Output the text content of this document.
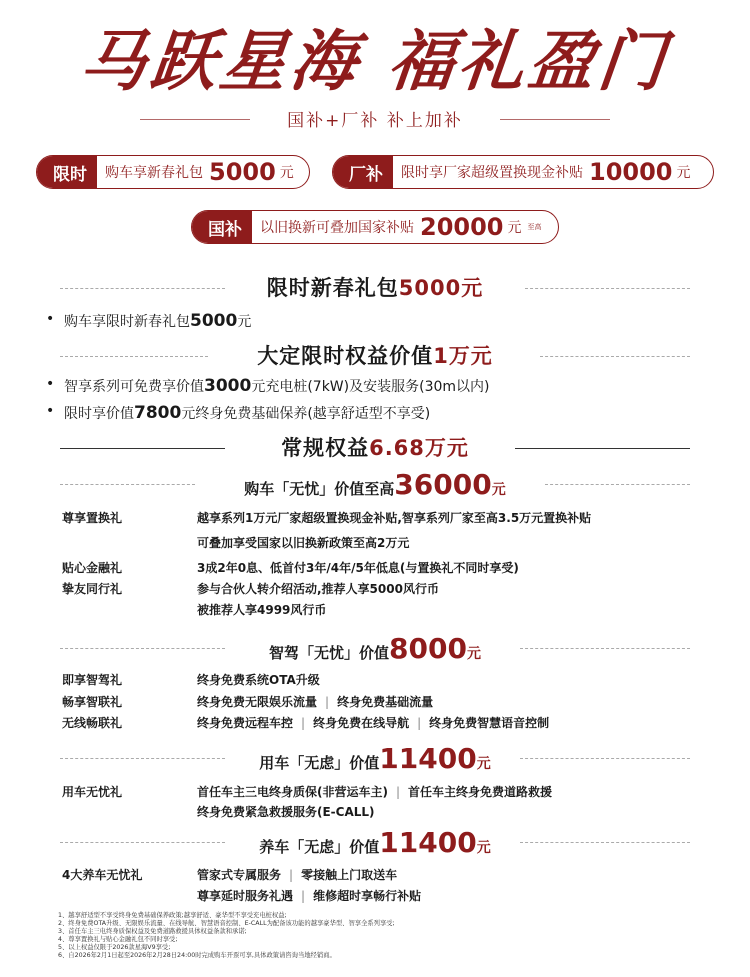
马跃星海 福礼盈门
国补+厂补 补上加补
限时	购车享新春礼包 5000 元	厂补	限时享厂家超级置换现金补贴 10000 元
国补	以旧换新可叠加国家补贴 20000 元 至高
限时新春礼包5000元
• 购车享限时新春礼包5000元
大定限时权益价值1万元
• 智享系列可免费享价值3000元充电桩(7kW)及安装服务(30m以内)
• 限时享价值7800元终身免费基础保养(越享舒适型不享受)
常规权益6.68万元
购车「无忧」价值至高36000元
尊享置换礼	越享系列1万元厂家超级置换现金补贴,智享系列厂家至高3.5万元置换补贴
可叠加享受国家以旧换新政策至高2万元
贴心金融礼	3成2年0息、低首付3年/4年/5年低息(与置换礼不同时享受)
挚友同行礼	参与合伙人转介绍活动,推荐人享5000风行币
被推荐人享4999风行币
智驾「无忧」价值8000元
即享智驾礼	终身免费系统OTA升级
畅享智联礼	终身免费无限娱乐流量 | 终身免费基础流量
无线畅联礼	终身免费远程车控 | 终身免费在线导航 | 终身免费智慧语音控制
用车「无虑」价值11400元
用车无忧礼	首任车主三电终身质保(非营运车主) | 首任车主终身免费道路救援
终身免费紧急救援服务(E-CALL)
养车「无虑」价值11400元
4大养车无忧礼	管家式专属服务 | 零接触上门取送车
尊享延时服务礼遇 | 维修超时享畅行补贴
1、越享舒适型不享受终身免费基础保养政策;越享舒适、豪华型不享受充电桩权益;
2、终身免费OTA升级、无限娱乐流量、在线导航、智慧语音控制、E-CALL为配备该功能的越享豪华型、智享全系列享受;
3、首任车主三电终身质保权益及免费道路救援具体权益条款和承诺;
4、尊享置换礼与贴心金融礼包不同时享受;
5、以上权益仅限于2026款星海V9享受;
6、自2026年2月1日起至2026年2月28日24:00时完成购车开票可享,具体政策请咨询当地经销商。
